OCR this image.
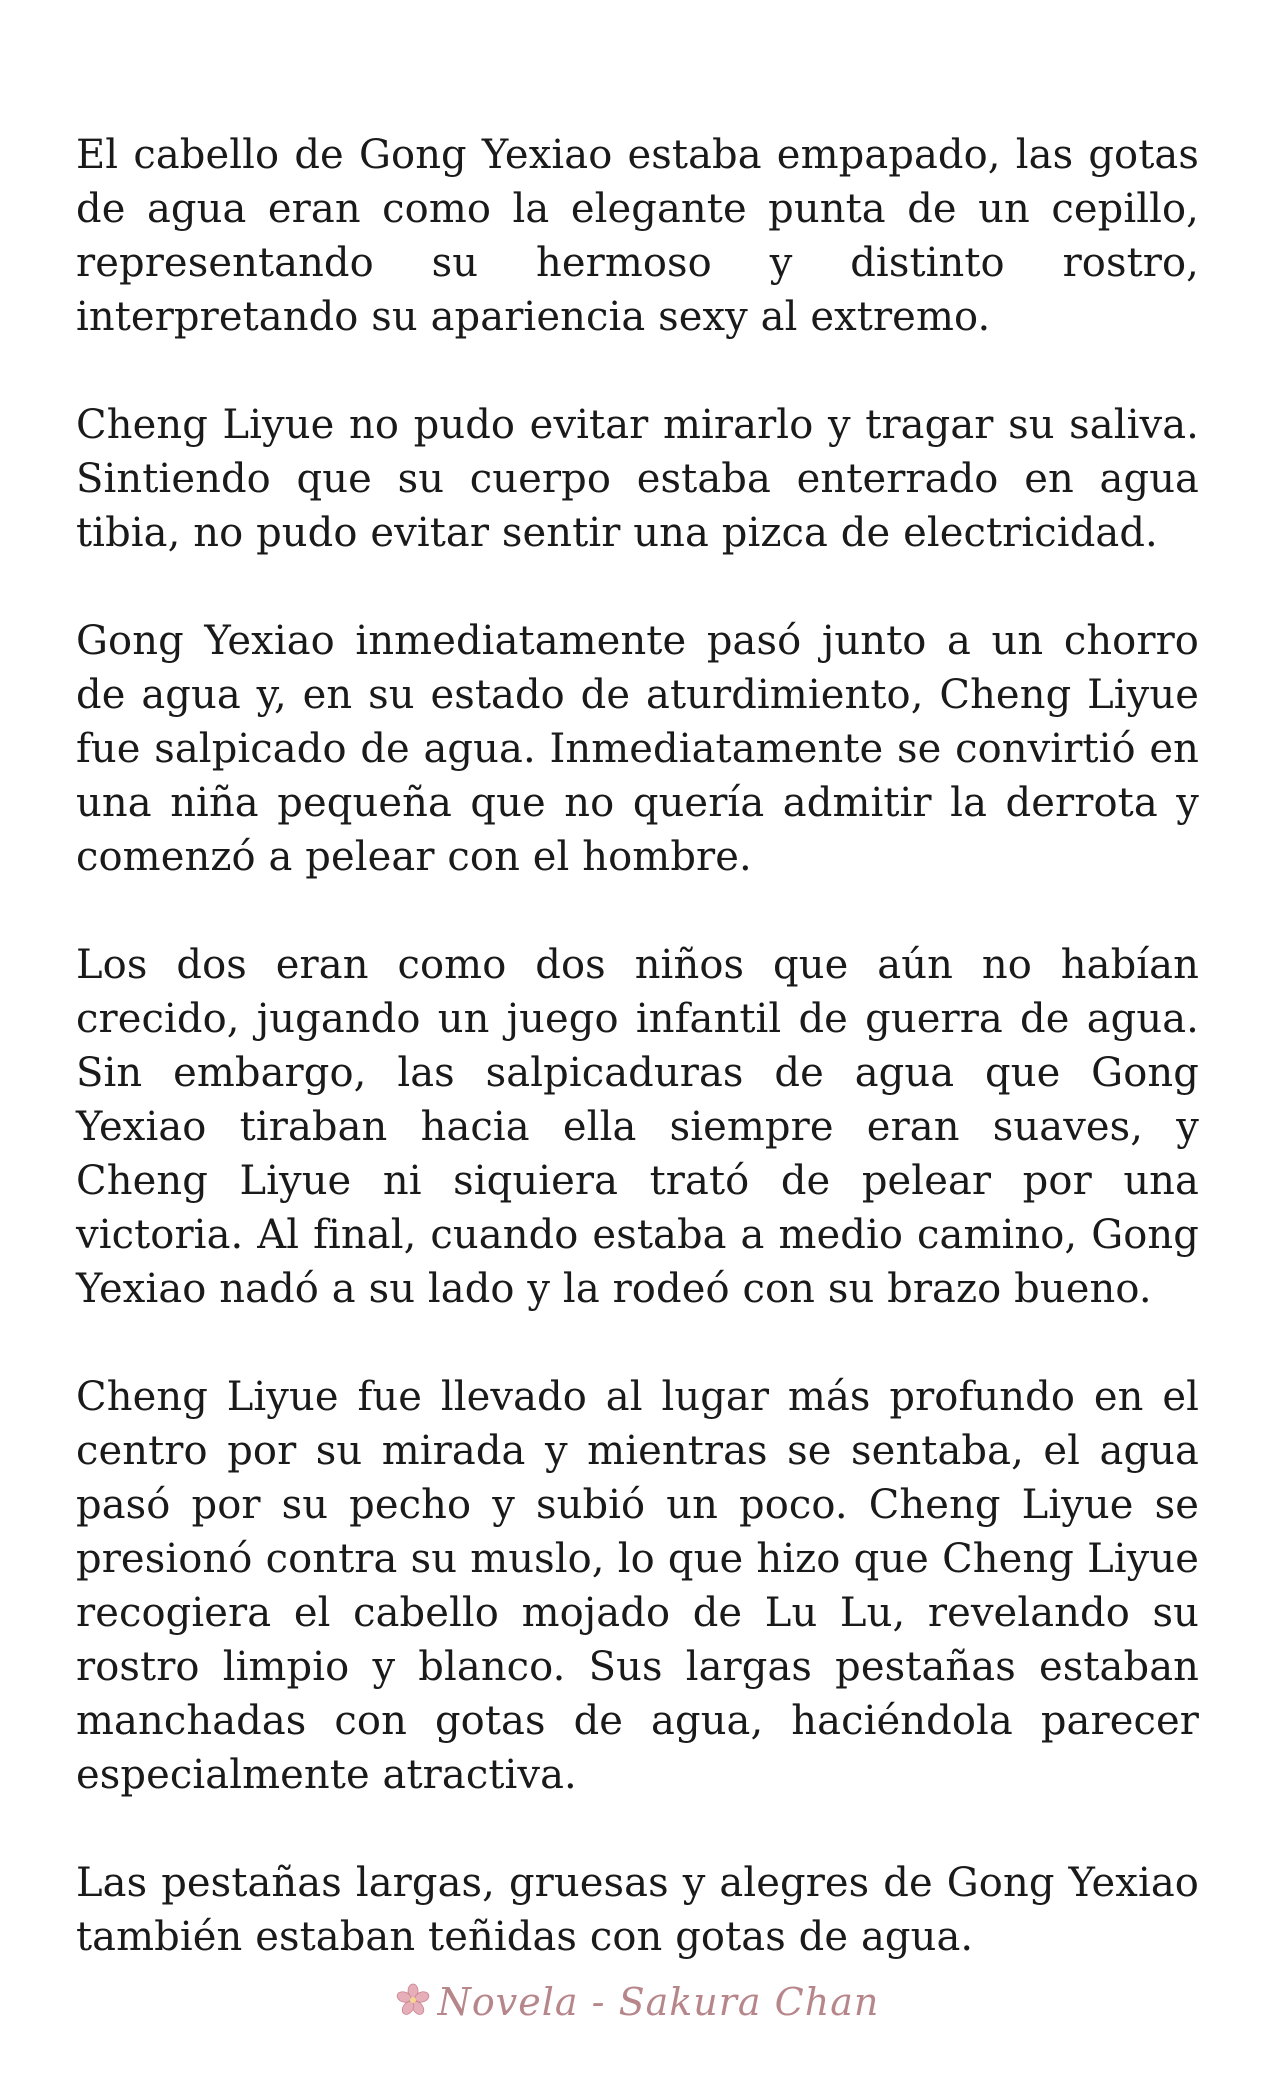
El cabello de Gong Yexiao estaba empapado, las gotas de agua eran como la elegante punta de un cepillo, representando su hermoso y distinto rostro, interpretando su apariencia sexy al extremo.

Cheng Liyue no pudo evitar mirarlo y tragar su saliva. Sintiendo que su cuerpo estaba enterrado en agua tibia, no pudo evitar sentir una pizca de electricidad.

Gong Yexiao inmediatamente pasó junto a un chorro de agua y, en su estado de aturdimiento, Cheng Liyue fue salpicado de agua. Inmediatamente se convirtió en una niña pequeña que no quería admitir la derrota y comenzó a pelear con el hombre.

Los dos eran como dos niños que aún no habían crecido, jugando un juego infantil de guerra de agua. Sin embargo, las salpicaduras de agua que Gong Yexiao tiraban hacia ella siempre eran suaves, y Cheng Liyue ni siquiera trató de pelear por una victoria. Al final, cuando estaba a medio camino, Gong Yexiao nadó a su lado y la rodeó con su brazo bueno.

Cheng Liyue fue llevado al lugar más profundo en el centro por su mirada y mientras se sentaba, el agua pasó por su pecho y subió un poco. Cheng Liyue se presionó contra su muslo, lo que hizo que Cheng Liyue recogiera el cabello mojado de Lu Lu, revelando su rostro limpio y blanco. Sus largas pestañas estaban manchadas con gotas de agua, haciéndola parecer especialmente atractiva.

Las pestañas largas, gruesas y alegres de Gong Yexiao también estaban teñidas con gotas de agua.

Novela - Sakura Chan
